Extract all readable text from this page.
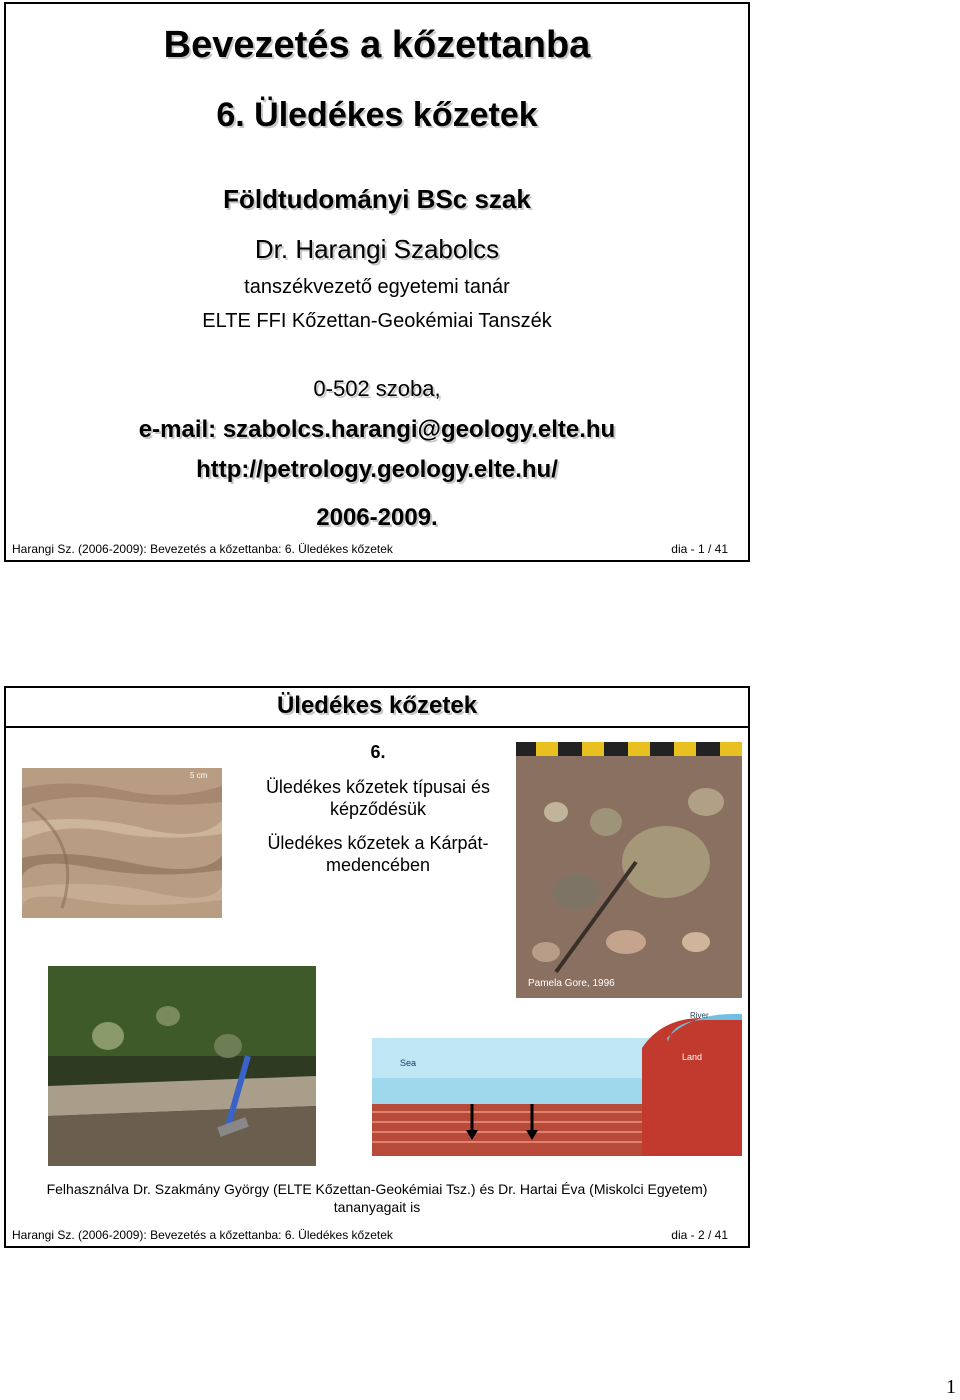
Bevezetés a kőzettanba
6. Üledékes kőzetek
Földtudományi BSc szak
Dr. Harangi Szabolcs
tanszékvezető egyetemi tanár
ELTE FFI Kőzettan-Geokémiai Tanszék
0-502 szoba,
e-mail: szabolcs.harangi@geology.elte.hu
http://petrology.geology.elte.hu/
2006-2009.
Harangi Sz. (2006-2009): Bevezetés a kőzettanba: 6. Üledékes kőzetek	dia - 1 / 41
Üledékes kőzetek
6.
Üledékes kőzetek típusai és képződésük
Üledékes kőzetek a Kárpát-medencében
5 cm
Pamela Gore, 1996
Sea
Land
River
Felhasználva Dr. Szakmány György (ELTE Kőzettan-Geokémiai Tsz.) és Dr. Hartai Éva (Miskolci Egyetem)
tananyagait is
Harangi Sz. (2006-2009): Bevezetés a kőzettanba: 6. Üledékes kőzetek	dia - 2 / 41
1
